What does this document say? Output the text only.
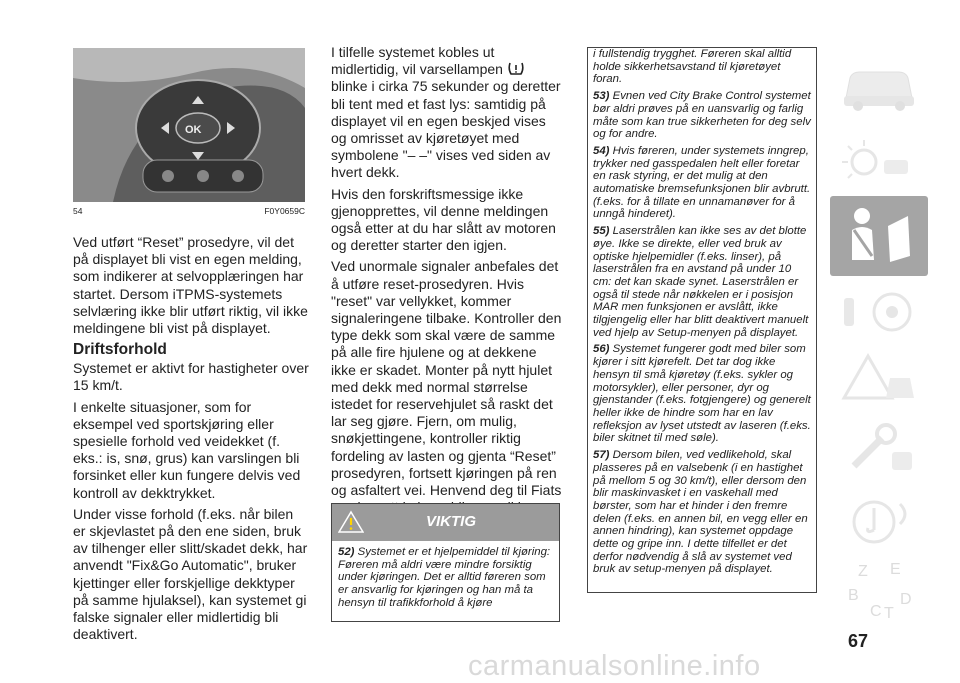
OK
54	F0Y0659C

Ved utført “Reset” prosedyre, vil det på displayet bli vist en egen melding, som indikerer at selvopplæringen har startet. Dersom iTPMS-systemets selvlæring ikke blir utført riktig, vil ikke meldingene bli vist på displayet.

Driftsforhold

Systemet er aktivt for hastigheter over 15 km/t.

I enkelte situasjoner, som for eksempel ved sportskjøring eller spesielle forhold ved veidekket (f. eks.: is, snø, grus) kan varslingen bli forsinket eller kun fungere delvis ved kontroll av dekktrykket.

Under visse forhold (f.eks. når bilen er skjevlastet på den ene siden, bruk av tilhenger eller slitt/skadet dekk, har anvendt "Fix&Go Automatic", bruker kjettinger eller forskjellige dekktyper på samme hjulaksel), kan systemet gi falske signaler eller midlertidig bli deaktivert.

I tilfelle systemet kobles ut midlertidig, vil varsellampen  blinke i cirka 75 sekunder og deretter bli tent med et fast lys: samtidig på displayet vil en egen beskjed vises og omrisset av kjøretøyet med symbolene "– –" vises ved siden av hvert dekk.

Hvis den forskriftsmessige ikke gjenopprettes, vil denne meldingen også etter at du har slått av motoren og deretter starter den igjen.

Ved unormale signaler anbefales det å utføre reset-prosedyren. Hvis "reset" var vellykket, kommer signaleringene tilbake. Kontroller den type dekk som skal være de samme på alle fire hjulene og at dekkene ikke er skadet. Monter på nytt hjulet med dekk med normal størrelse istedet for reservehjulet så raskt det lar seg gjøre. Fjern, om mulig, snøkjettingene, kontroller riktig fordeling av lasten og gjenta “Reset” prosedyren, fortsett kjøringen på ren og asfaltert vei. Henvend deg til Fiats

VIKTIG

52) Systemet er et hjelpemiddel til kjøring: Føreren må aldri være mindre forsiktig under kjøringen. Det er alltid føreren som er ansvarlig for kjøringen og han må ta hensyn til trafikkforhold å kjøre

i fullstendig trygghet. Føreren skal alltid holde sikkerhetsavstand til kjøretøyet foran.

53) Evnen ved City Brake Control systemet bør aldri prøves på en uansvarlig og farlig måte som kan true sikkerheten for deg selv og for andre.

54) Hvis føreren, under systemets inngrep, trykker ned gasspedalen helt eller foretar en rask styring, er det mulig at den automatiske bremsefunksjonen blir avbrutt. (f.eks. for å tillate en unnamanøver for å unngå hinderet).

55) Laserstrålen kan ikke ses av det blotte øye. Ikke se direkte, eller ved bruk av optiske hjelpemidler (f.eks. linser), på laserstrålen fra en avstand på under 10 cm: det kan skade synet. Laserstrålen er også til stede når nøkkelen er i posisjon MAR men funksjonen er avslått, ikke tilgjengelig eller har blitt deaktivert manuelt ved hjelp av Setup-menyen på displayet.

56) Systemet fungerer godt med biler som kjører i sitt kjørefelt. Det tar dog ikke hensyn til små kjøretøy (f.eks. sykler og motorsykler), eller personer, dyr og gjenstander (f.eks. fotgjengere) og generelt heller ikke de hindre som har en lav refleksjon av lyset utstedt av laseren (f.eks. biler skitnet til med søle).

57) Dersom bilen, ved vedlikehold, skal plasseres på en valsebenk (i en hastighet på mellom 5 og 30 km/t), eller dersom den blir maskinvasket i en vaskehall med børster, som har et hinder i den fremre delen (f.eks. en annen bil, en vegg eller en annen hindring), kan systemet oppdage dette og gripe inn. I dette tilfellet er det derfor nødvendig å slå av systemet ved bruk av setup-menyen på displayet.	Z E
B
C T
D
67
carmanualsonline.info
